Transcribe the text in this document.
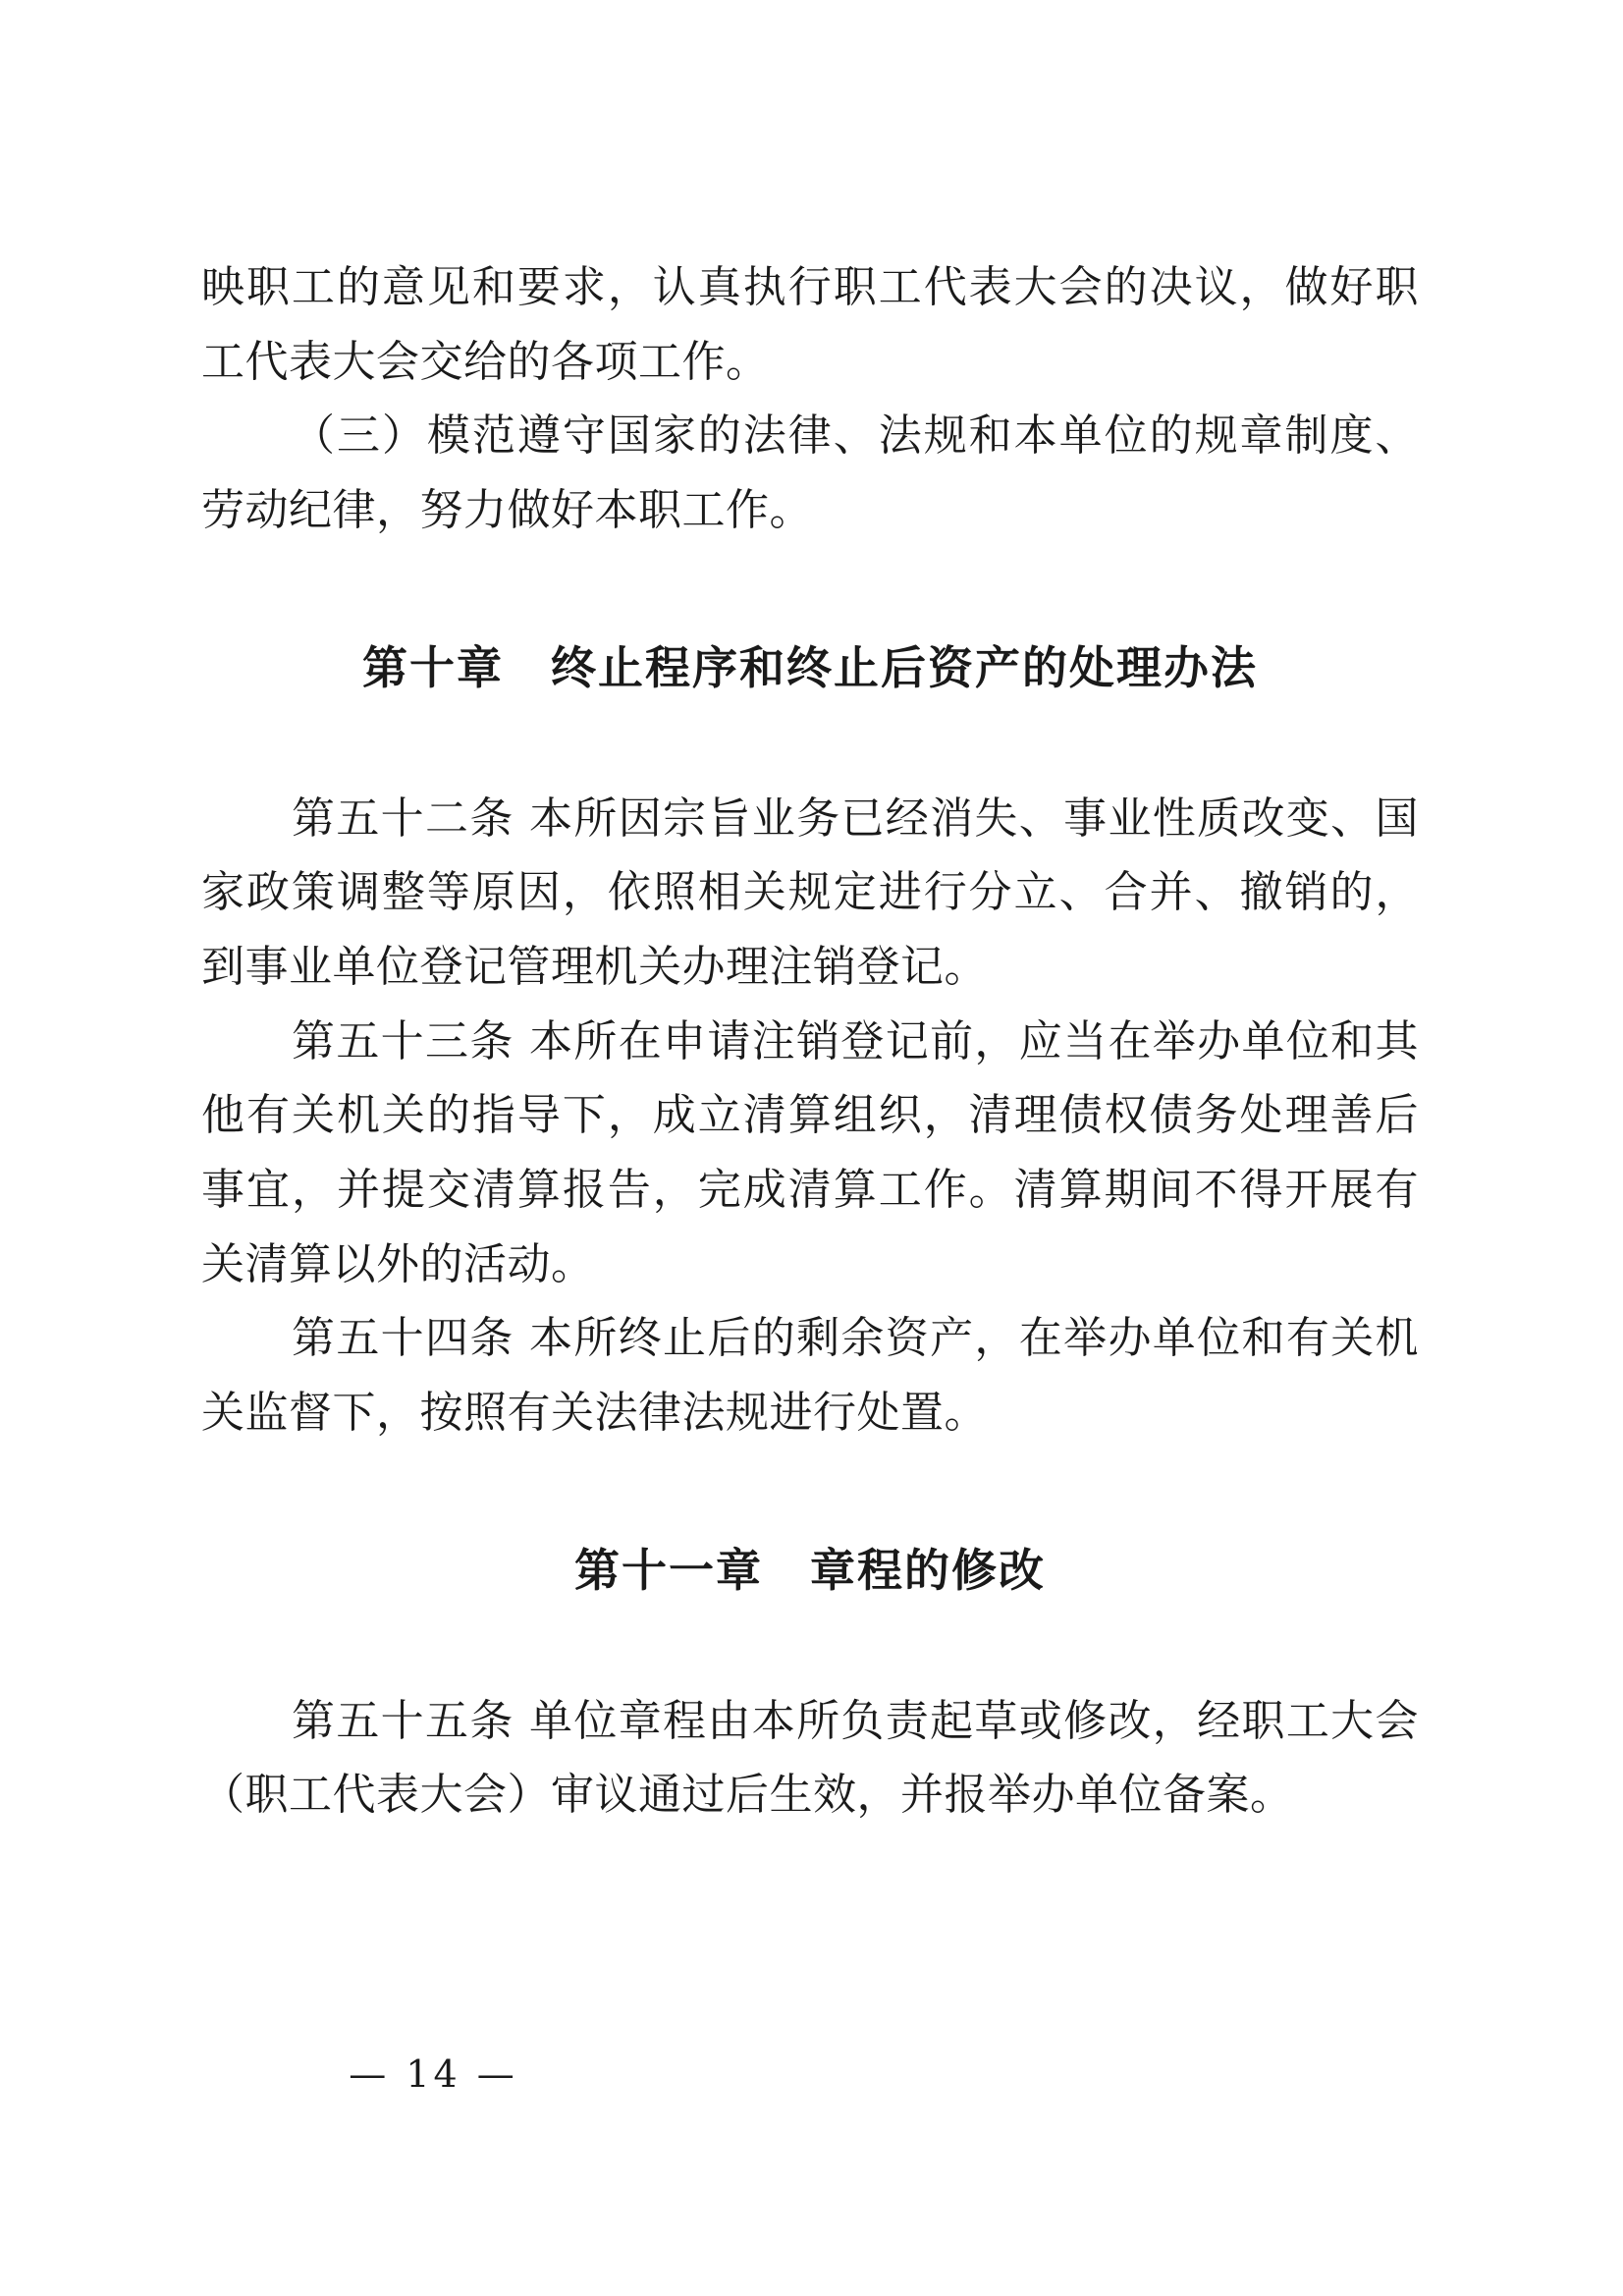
映职工的意见和要求，认真执行职工代表大会的决议，做好职工代表大会交给的各项工作。

（三）模范遵守国家的法律、法规和本单位的规章制度、劳动纪律，努力做好本职工作。

第十章　终止程序和终止后资产的处理办法

第五十二条 本所因宗旨业务已经消失、事业性质改变、国家政策调整等原因，依照相关规定进行分立、合并、撤销的，到事业单位登记管理机关办理注销登记。

第五十三条 本所在申请注销登记前，应当在举办单位和其他有关机关的指导下，成立清算组织，清理债权债务处理善后事宜，并提交清算报告，完成清算工作。清算期间不得开展有关清算以外的活动。

第五十四条 本所终止后的剩余资产，在举办单位和有关机关监督下，按照有关法律法规进行处置。

第十一章　章程的修改

第五十五条 单位章程由本所负责起草或修改，经职工大会（职工代表大会）审议通过后生效，并报举办单位备案。

— 14 —
